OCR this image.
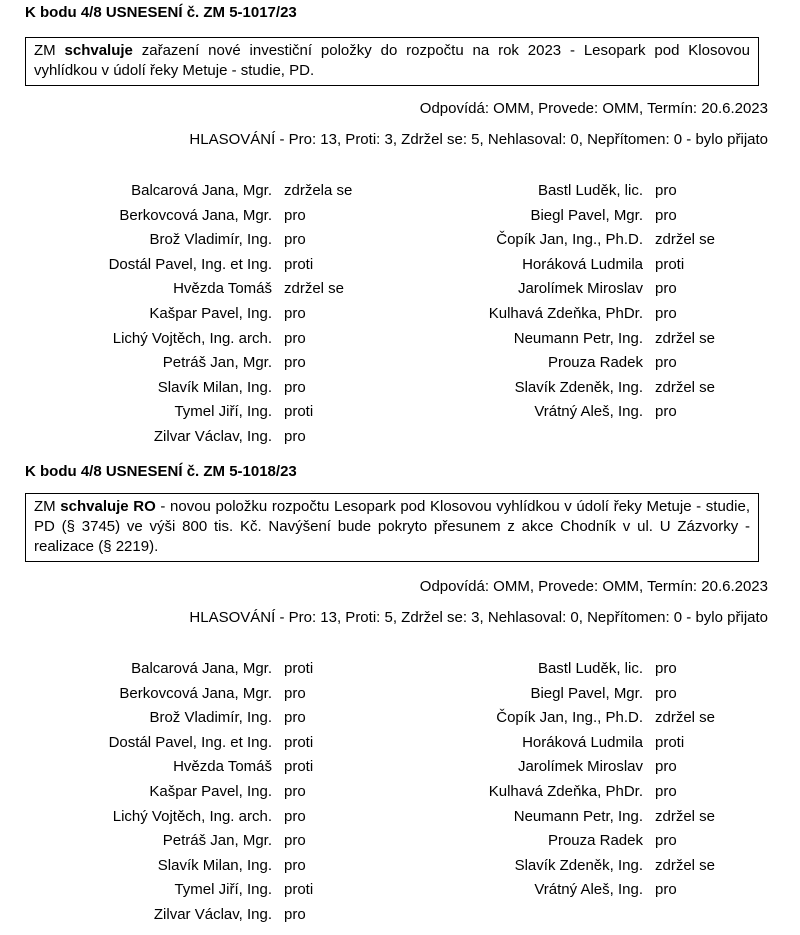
K bodu 4/8 USNESENÍ č. ZM 5-1017/23
ZM schvaluje zařazení nové investiční položky do rozpočtu na rok 2023 - Lesopark pod Klosovou vyhlídkou v údolí řeky Metuje - studie, PD.
Odpovídá: OMM, Provede: OMM, Termín: 20.6.2023
HLASOVÁNÍ - Pro: 13, Proti: 3, Zdržel se: 5, Nehlasoval: 0, Nepřítomen: 0 - bylo přijato
Balcarová Jana, Mgr. zdržela se	Bastl Luděk, lic. pro
Berkovcová Jana, Mgr. pro	Biegl Pavel, Mgr. pro
Brož Vladimír, Ing. pro	Čopík Jan, Ing., Ph.D. zdržel se
Dostál Pavel, Ing. et Ing. proti	Horáková Ludmila proti
Hvězda Tomáš zdržel se	Jarolímek Miroslav pro
Kašpar Pavel, Ing. pro	Kulhavá Zdeňka, PhDr. pro
Lichý Vojtěch, Ing. arch. pro	Neumann Petr, Ing. zdržel se
Petráš Jan, Mgr. pro	Prouza Radek pro
Slavík Milan, Ing. pro	Slavík Zdeněk, Ing. zdržel se
Tymel Jiří, Ing. proti	Vrátný Aleš, Ing. pro
Zilvar Václav, Ing. pro
K bodu 4/8 USNESENÍ č. ZM 5-1018/23
ZM schvaluje RO - novou položku rozpočtu Lesopark pod Klosovou vyhlídkou v údolí řeky Metuje - studie, PD (§ 3745) ve výši 800 tis. Kč. Navýšení bude pokryto přesunem z akce Chodník v ul. U Zázvorky - realizace (§ 2219).
Odpovídá: OMM, Provede: OMM, Termín: 20.6.2023
HLASOVÁNÍ - Pro: 13, Proti: 5, Zdržel se: 3, Nehlasoval: 0, Nepřítomen: 0 - bylo přijato
Balcarová Jana, Mgr. proti	Bastl Luděk, lic. pro
Berkovcová Jana, Mgr. pro	Biegl Pavel, Mgr. pro
Brož Vladimír, Ing. pro	Čopík Jan, Ing., Ph.D. zdržel se
Dostál Pavel, Ing. et Ing. proti	Horáková Ludmila proti
Hvězda Tomáš proti	Jarolímek Miroslav pro
Kašpar Pavel, Ing. pro	Kulhavá Zdeňka, PhDr. pro
Lichý Vojtěch, Ing. arch. pro	Neumann Petr, Ing. zdržel se
Petráš Jan, Mgr. pro	Prouza Radek pro
Slavík Milan, Ing. pro	Slavík Zdeněk, Ing. zdržel se
Tymel Jiří, Ing. proti	Vrátný Aleš, Ing. pro
Zilvar Václav, Ing. pro
